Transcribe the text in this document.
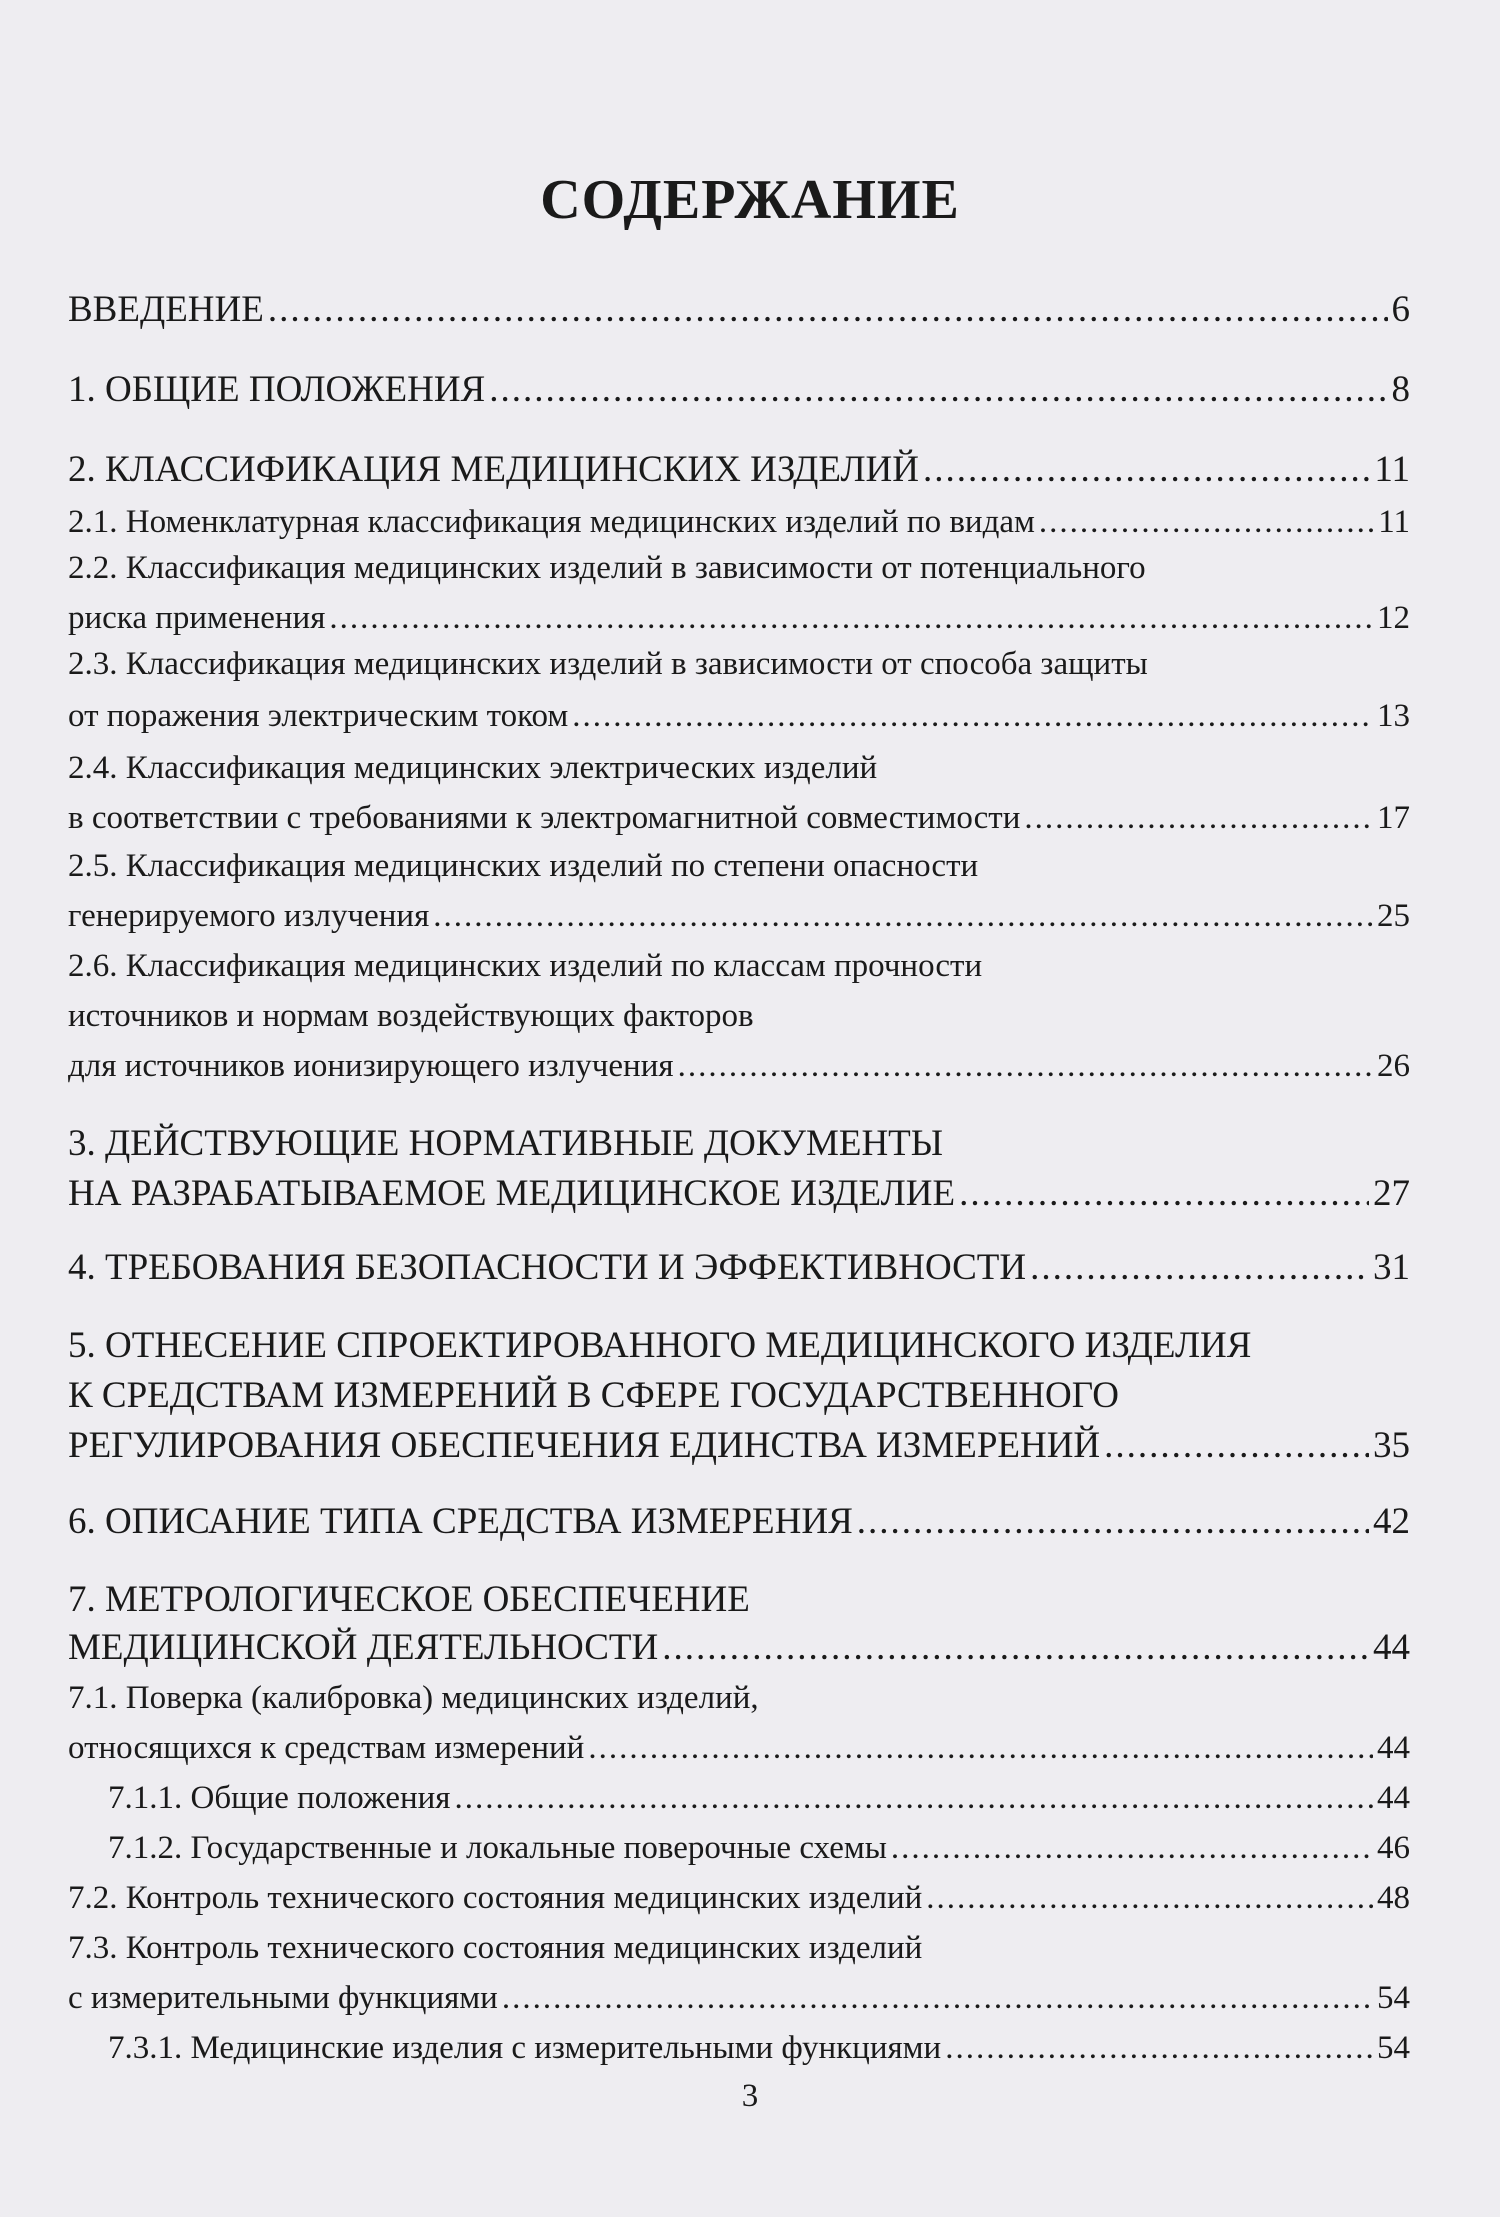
СОДЕРЖАНИЕ
ВВЕДЕНИЕ .....	6
1. ОБЩИЕ ПОЛОЖЕНИЯ .....	8
2. КЛАССИФИКАЦИЯ МЕДИЦИНСКИХ ИЗДЕЛИЙ .....	11
2.1. Номенклатурная классификация медицинских изделий по видам .....	11
2.2. Классификация медицинских изделий в зависимости от потенциального
риска применения .....	12
2.3. Классификация медицинских изделий в зависимости от способа защиты
от поражения электрическим током .....	13
2.4. Классификация медицинских электрических изделий
в соответствии с требованиями к электромагнитной совместимости .....	17
2.5. Классификация медицинских изделий по степени опасности
генерируемого излучения .....	25
2.6. Классификация медицинских изделий по классам прочности
источников и нормам воздействующих факторов
для источников ионизирующего излучения .....	26
3. ДЕЙСТВУЮЩИЕ НОРМАТИВНЫЕ ДОКУМЕНТЫ
НА РАЗРАБАТЫВАЕМОЕ МЕДИЦИНСКОЕ ИЗДЕЛИЕ .....	27
4. ТРЕБОВАНИЯ БЕЗОПАСНОСТИ И ЭФФЕКТИВНОСТИ .....	31
5. ОТНЕСЕНИЕ СПРОЕКТИРОВАННОГО МЕДИЦИНСКОГО ИЗДЕЛИЯ
К СРЕДСТВАМ ИЗМЕРЕНИЙ В СФЕРЕ ГОСУДАРСТВЕННОГО
РЕГУЛИРОВАНИЯ ОБЕСПЕЧЕНИЯ ЕДИНСТВА ИЗМЕРЕНИЙ .....	35
6. ОПИСАНИЕ ТИПА СРЕДСТВА ИЗМЕРЕНИЯ .....	42
7. МЕТРОЛОГИЧЕСКОЕ ОБЕСПЕЧЕНИЕ
МЕДИЦИНСКОЙ ДЕЯТЕЛЬНОСТИ .....	44
7.1. Поверка (калибровка) медицинских изделий,
относящихся к средствам измерений .....	44
7.1.1. Общие положения .....	44
7.1.2. Государственные и локальные поверочные схемы .....	46
7.2. Контроль технического состояния медицинских изделий .....	48
7.3. Контроль технического состояния медицинских изделий
с измерительными функциями .....	54
7.3.1. Медицинские изделия с измерительными функциями .....	54
3
